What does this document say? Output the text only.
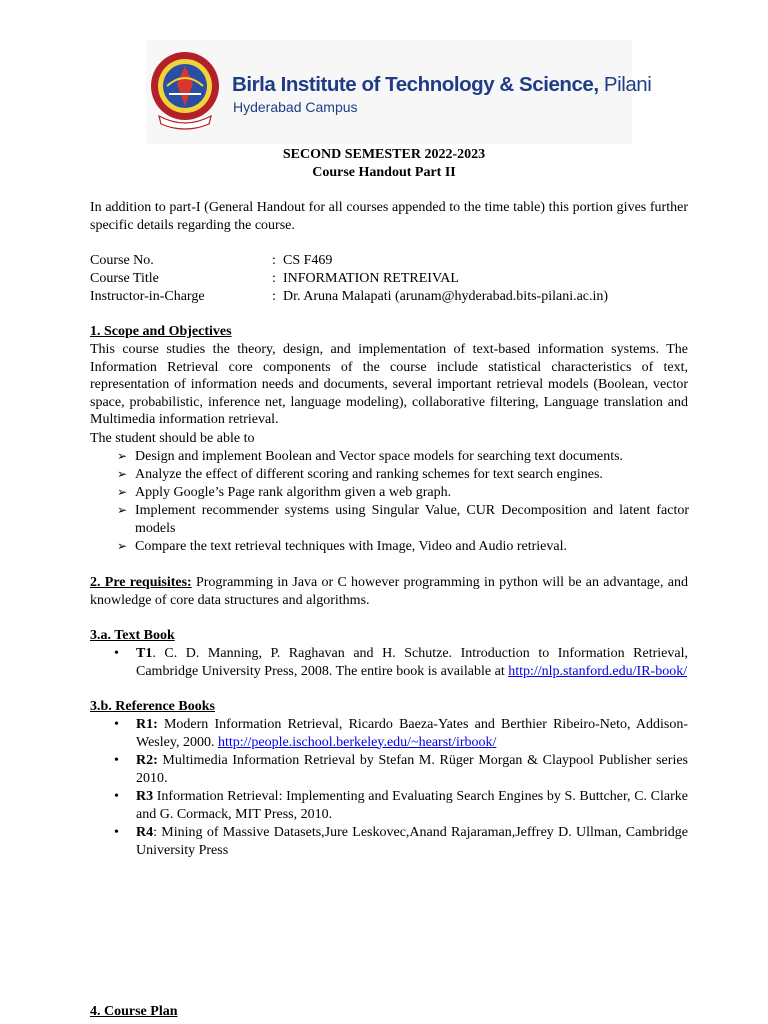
Birla Institute of Technology & Science, Pilani
Hyderabad Campus
SECOND SEMESTER 2022-2023
Course Handout Part II
In addition to part-I (General Handout for all courses appended to the time table) this portion gives further specific details regarding the course.
Course No.	: CS F469
Course Title	: INFORMATION RETREIVAL
Instructor-in-Charge	: Dr. Aruna Malapati (arunam@hyderabad.bits-pilani.ac.in)
1. Scope and Objectives
This course studies the theory, design, and implementation of text-based information systems. The Information Retrieval core components of the course include statistical characteristics of text, representation of information needs and documents, several important retrieval models (Boolean, vector space, probabilistic, inference net, language modeling), collaborative filtering, Language translation and Multimedia information retrieval.
The student should be able to
➢ Design and implement Boolean and Vector space models for searching text documents.
➢ Analyze the effect of different scoring and ranking schemes for text search engines.
➢ Apply Google’s Page rank algorithm given a web graph.
➢ Implement recommender systems using Singular Value, CUR Decomposition and latent factor models
➢ Compare the text retrieval techniques with Image, Video and Audio retrieval.
2. Pre requisites: Programming in Java or C however programming in python will be an advantage, and knowledge of core data structures and algorithms.
3.a. Text Book
• T1. C. D. Manning, P. Raghavan and H. Schutze. Introduction to Information Retrieval, Cambridge University Press, 2008. The entire book is available at http://nlp.stanford.edu/IR-book/
3.b. Reference Books
• R1: Modern Information Retrieval, Ricardo Baeza-Yates and Berthier Ribeiro-Neto, Addison-Wesley, 2000. http://people.ischool.berkeley.edu/~hearst/irbook/
• R2: Multimedia Information Retrieval by Stefan M. Rüger Morgan & Claypool Publisher series 2010.
• R3 Information Retrieval: Implementing and Evaluating Search Engines by S. Buttcher, C. Clarke and G. Cormack, MIT Press, 2010.
• R4: Mining of Massive Datasets,Jure Leskovec,Anand Rajaraman,Jeffrey D. Ullman, Cambridge University Press
4. Course Plan
